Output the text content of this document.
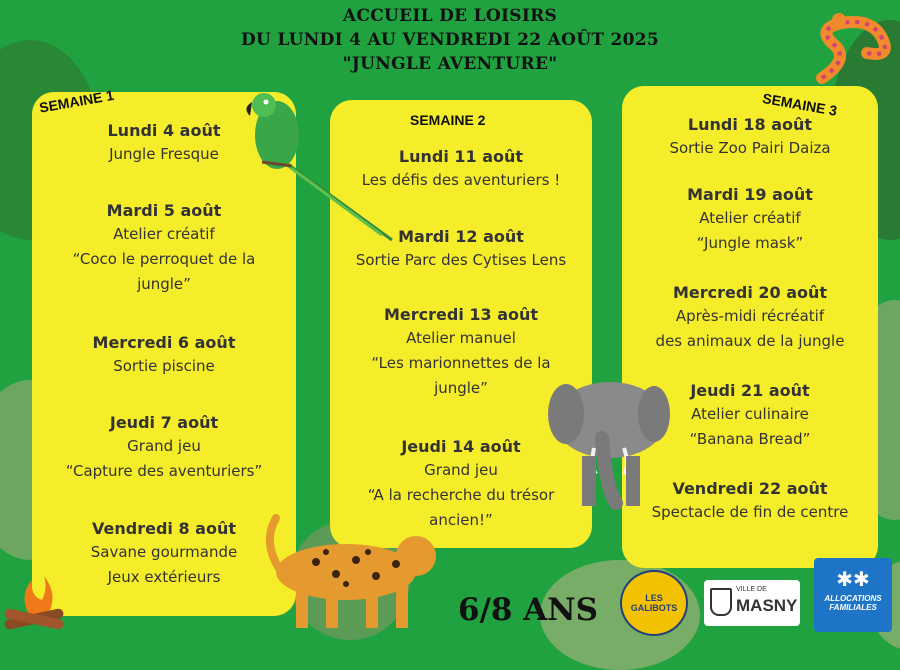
ACCUEIL DE LOISIRS
DU LUNDI 4 AU VENDREDI 22 AOÛT 2025
"JUNGLE AVENTURE"
Lundi 4 août
Jungle Fresque
Mardi 5 août
Atelier créatif
“Coco le perroquet de la
jungle”
Mercredi 6 août
Sortie piscine
Jeudi 7 août
Grand jeu
“Capture des aventuriers”
Vendredi 8 août
Savane gourmande
Jeux extérieurs
SEMAINE 1
SEMAINE 2
Lundi 11 août
Les défis des aventuriers !
Mardi 12 août
Sortie Parc des Cytises Lens
Mercredi 13 août
Atelier manuel
“Les marionnettes de la
jungle”
Jeudi 14 août
Grand jeu
“A la recherche du trésor
ancien!”
Lundi 18 août
Sortie Zoo Pairi Daiza
Mardi 19 août
Atelier créatif
“Jungle mask”
Mercredi 20 août
Après-midi récréatif
des animaux de la jungle
Jeudi 21 août
Atelier culinaire
“Banana Bread”
Vendredi 22 août
Spectacle de fin de centre
SEMAINE 3
6/8 ANS	LES GALIBOTS
VILLE DE
MASNY
✱✱
ALLOCATIONS
FAMILIALES
